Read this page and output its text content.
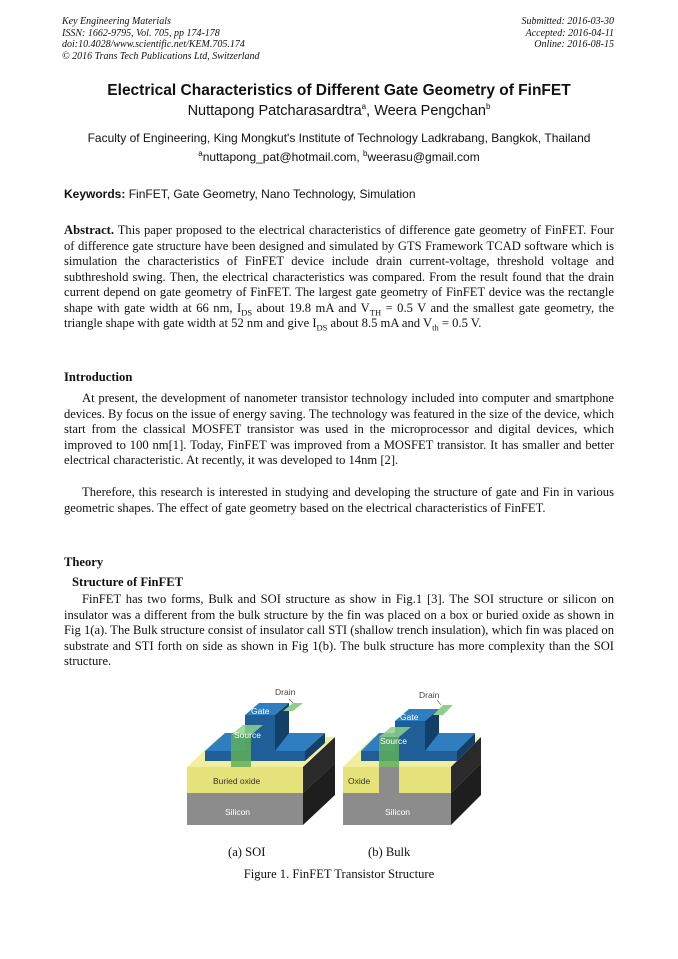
Key Engineering Materials
ISSN: 1662-9795, Vol. 705, pp 174-178
doi:10.4028/www.scientific.net/KEM.705.174
© 2016 Trans Tech Publications Ltd, Switzerland
Submitted: 2016-03-30
Accepted: 2016-04-11
Online: 2016-08-15
Electrical Characteristics of Different Gate Geometry of FinFET
Nuttapong Patcharasardtra$^a$, Weera Pengchan$^b$
Faculty of Engineering, King Mongkut's Institute of Technology Ladkrabang, Bangkok, Thailand
$^a$nuttapong_pat@hotmail.com, $^b$weerasu@gmail.com
Keywords: FinFET, Gate Geometry, Nano Technology, Simulation
Abstract. This paper proposed to the electrical characteristics of difference gate geometry of FinFET. Four of difference gate structure have been designed and simulated by GTS Framework TCAD software which is simulation the characteristics of FinFET device include drain current-voltage, threshold voltage and subthreshold swing. Then, the electrical characteristics was compared. From the result found that the drain current depend on gate geometry of FinFET. The largest gate geometry of FinFET device was the rectangle shape with gate width at 66 nm, $I_{DS}$ about 19.8 mA and $V_{TH} = 0.5$ V and the smallest gate geometry, the triangle shape with gate width at 52 nm and give $I_{DS}$ about 8.5 mA and $V_{th} = 0.5$ V.
Introduction
At present, the development of nanometer transistor technology included into computer and smartphone devices. By focus on the issue of energy saving. The technology was featured in the size of the device, which start from the classical MOSFET transistor was used in the microprocessor and digital devices, which improved to 100 nm[1]. Today, FinFET was improved from a MOSFET transistor. It has smaller and better electrical characteristic. At recently, it was developed to 14nm [2].
Therefore, this research is interested in studying and developing the structure of gate and Fin in various geometric shapes. The effect of gate geometry based on the electrical characteristics of FinFET.
Theory
Structure of FinFET
FinFET has two forms, Bulk and SOI structure as show in Fig.1 [3]. The SOI structure or silicon on insulator was a different from the bulk structure by the fin was placed on a box or buried oxide as shown in Fig 1(a). The Bulk structure consist of insulator call STI (shallow trench insulation), which fin was placed on substrate and STI forth on side as shown in Fig 1(b). The bulk structure has more complexity than the SOI structure.
Drain
Gate
Source
Buried oxide
Silicon
Drain
Gate
Source
Oxide
Silicon
(a) SOI	(b) Bulk
Figure 1. FinFET Transistor Structure
